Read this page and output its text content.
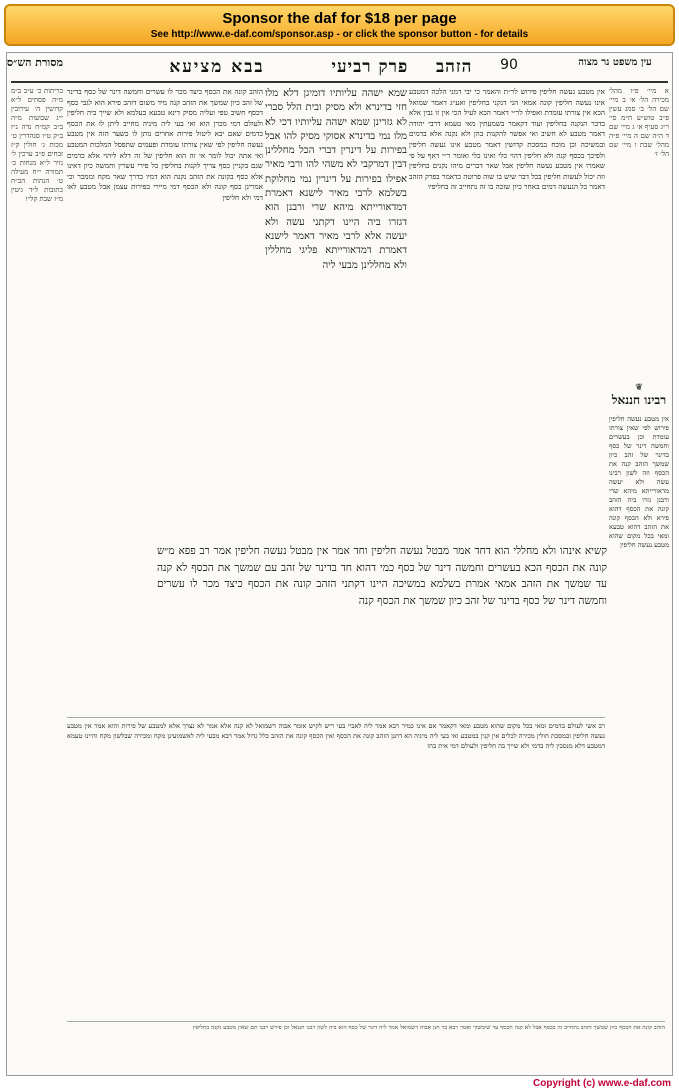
Sponsor the daf for $18 per page
See http://www.e-daf.com/sponsor.asp - or click the sponsor button - for details
מסורת הש״ס	בבא מציעא	הזהב    פרק רביעי	90	עין משפט נר מצוה
כריתות כ׳ ע״ב ב״מ מ״ה פסחים ל״א קדושין ה׳ עירובין י״ג שבועות מ״ה ב״ב קמ״ח נדה נ״ז ב״ק ט״ו סנהדרין ט׳ מכות ג׳ חולין ק״ז זבחים פ״ב ערכין ל׳ נזיר ל״א מנחות כ׳ תמורה י״ח מעילה ט׳ הגהות הב״ח כתובות ל״ד גיטין מ״ז שבת קל״ו
הזהב קונה את הכסף כיצד מכר לו עשרים וחמשה דינר של כסף בדינר של זהב כיון שמשך את הזהב קנה מיד משום דזהב פירא הוא לגבי כסף דכסף חשיב טפי ועליה מסיק דינא טבעא בעלמא ולא שייך ביה חליפין ולעולם דמי מכרן הוא ואי בעי ליה מיניה מחייב ליתן לו את הכסף כדמים שאם יבא ליטול פירות אחרים נותן לו כשער הזה אין מטבע נעשה חליפין לפי שאין צורתו עומדת ופעמים שתפסל המלכות המטבע ואי אתה יכול לומר אי זה הוא חליפין של זה דלא ליהוי אלא כדמים שגם בקניין כסף צריך לקנות בחליפין כל פירי עשרין וחמשה כיון דאינו אלא כסף בקונה את הזהב נקנה הוא דמיו כדרך שאר מקח וממכר וכי אמרינן כסף קונה ולא הכסף דמי מיירי בפירות עצמן אבל מטבע לאו דמי ולא חליפין
שמא ישהה עליותיו דומיגן דלא מלו חזי בדינרא ולא מסיק ובית הלל סברי לא גזרינן שמא ישהה עליותיו דכי לא מלו נמי בדינרא אסוקי מסיק להו אבל בפירות על דינרין דברי הכל מחללינן דבין דמרקבי לא משהי להו ורבי מאיר אפילו בפירות על דינרין נמי מחלוקת בשלמא לרבי מאיר לישנא דאמרת דמדאורייתא מיהא שרי ורבנן הוא דגזרו ביה היינו דקתני עשה ולא יעשה אלא לרבי מאיר דאמר לישנא דאמרת דמדאורייתא פליגי מחללין ולא מחללינן מבעי ליה
אין מטבע נעשה חליפין פירוש לר״ת והאמר כי יבי דמני הלכה דמטבע אינו נעשה חליפין קונה אמאי הני דנקני בחליפין ואע״ג דאמר שמואל הכא אין צורתו עומדת ואפילו לר״י דאמר הכא לעיל הכי אין זו נבין אלא בדבר הנקנה בחליפין ועוד דקאמר בשמעתין מאי טעמא דרבי יהודה דאמר מטבע לא חשיב ואי אפשר להקנות בהן ולא נקנה אלא בדמים ובמשיכה וכן מוכח במסכת קדושין דאמר מטבע אינו נעשה חליפין ולפיכך בכסף קנה ולא חליפין דהוי כלי ואינו כלי ואומר ר״י דאף על פי שאמרו אין מטבע נעשה חליפין אבל שאר דברים מיהו נקנים בחליפין וזה יכול לעשות חליפין בכל דבר שיש בו שוה פרוטה כדאמר בפרק הזהב דאמר כל הנעשה דמים באחר כיון שזכה בו זה נתחייב זה בחליפיו
א מיי׳ פ״ו מהל׳ מכירה הל׳ א׳ ב מיי׳ שם הל׳ ב׳ סמג עשין פ״ב טוש״ע ח״מ סי׳ ר״ג סעיף א׳ ג מיי׳ שם ד ה״ה שם ה מיי׳ פ״ה מהל׳ שבת ו מיי׳ שם הל׳ ז׳
❦
רבינו חננאל
אין מטבע נעשה חליפין פירוש לפי שאין צורתו עומדת וכן בעשרים וחמשה דינר של כסף בדינר של זהב כיון שמשך הזהב קנה את הכסף וזה לשון רבינו עשה ולא יעשה מדאורייתא מיהא שרי ורבנן גזרו ביה הזהב קונה את הכסף דהוא פירא ולא הכסף קונה את הזהב דהוא טבעא ומאי בכל מקום שהוא מטבע נעשה חליפין
קשיא אינהו ולא מחללי הוא דחד אמר מבטל נעשה חליפין וחד אמר אין מבטל נעשה חליפין אמר רב פפא מ״ש קונה את הכסף הכא בעשרים וחמשה דינר של כסף כמי דהוא חד בדינר של זהב עם שמשך את הכסף לא קנה עד שמשך את הזהב אמאי אמרת בשלמא במשיכה היינו דקתני הזהב קונה את הכסף כיצד מכר לו עשרים וחמשה דינר של כסף בדינר של זהב כיון שמשך את הכסף קנה
רב אשי לעולם בדמים ומאי בכל מקום שהוא מטבע ומאי דקאמר אם אינו כמיר רבא אמר ליה לאביי בעי ריש לקיש אומר אבוה דשמואל לא קנה אלא אמר לא נצרך אלא למטבע של פירות והוא אמר אין מטבע נעשה חליפין ובמסכת חולין מכירה לכלים אין קנין במטבע ואי בעי ליה מיניה הא דתנן הזהב קונה את הכסף ואין הכסף קונה את הזהב כלל גדול אמר רבא מבעי ליה לאשמועינן מקח ומכירה שבלשון מקח והיינו טעמא דמטבע דלא מנסבין ליה בדמי ולא שייך בה חליפין ולעולם דמי אית בהו
הזהב קונה את הכסף כיון שמשך הזהב נתחייב זה בכסף אבל לא קנה הכסף עד שימשוך ואמר רבא בר חנן אבוה דשמואל אמר ליה דינר של כסף הוא ביה לשון רבנו חננאל וכן פירש רבנו תם שאין מטבע נקנה בחליפין
Copyright (c) www.e-daf.com
